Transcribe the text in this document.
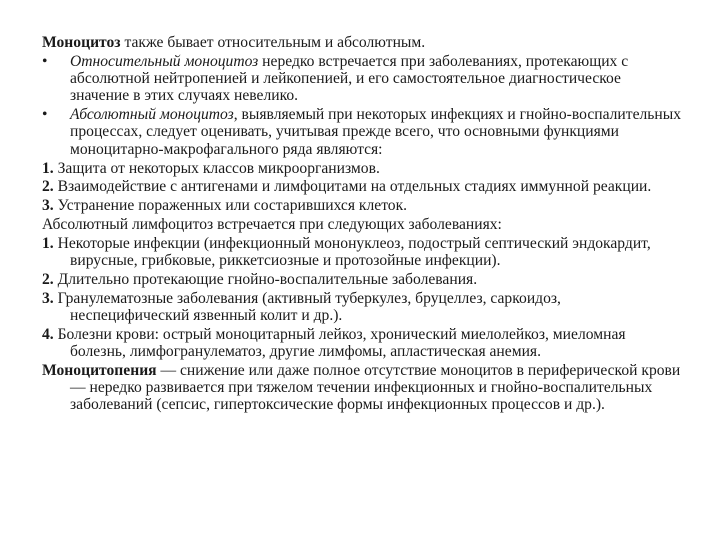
Моноцитоз также бывает относительным и абсолютным.

• Относительный моноцитоз нередко встречается при заболеваниях, протекающих с абсолютной нейтропенией и лейкопенией, и его самостоятельное диагностическое значение в этих случаях невелико.

• Абсолютный моноцитоз, выявляемый при некоторых инфекциях и гнойно-воспалительных процессах, следует оценивать, учитывая прежде всего, что основными функциями моноцитарно-макрофагального ряда являются:

1. Защита от некоторых классов микроорганизмов.

2. Взаимодействие с антигенами и лимфоцитами на отдельных стадиях иммунной реакции.

3. Устранение пораженных или состарившихся клеток.

Абсолютный лимфоцитоз встречается при следующих заболеваниях:

1. Некоторые инфекции (инфекционный мононуклеоз, подострый септический эндокардит, вирусные, грибковые, риккетсиозные и протозойные инфекции).

2. Длительно протекающие гнойно-воспалительные заболевания.

3. Гранулематозные заболевания (активный туберкулез, бруцеллез, саркоидоз, неспецифический язвенный колит и др.).

4. Болезни крови: острый моноцитарный лейкоз, хронический миелолейкоз, миеломная болезнь, лимфогранулематоз, другие лимфомы, апластическая анемия.

Моноцитопения — снижение или даже полное отсутствие моноцитов в периферической крови — нередко развивается при тяжелом течении инфекционных и гнойно-воспалительных заболеваний (сепсис, гипертоксические формы инфекционных процессов и др.).
